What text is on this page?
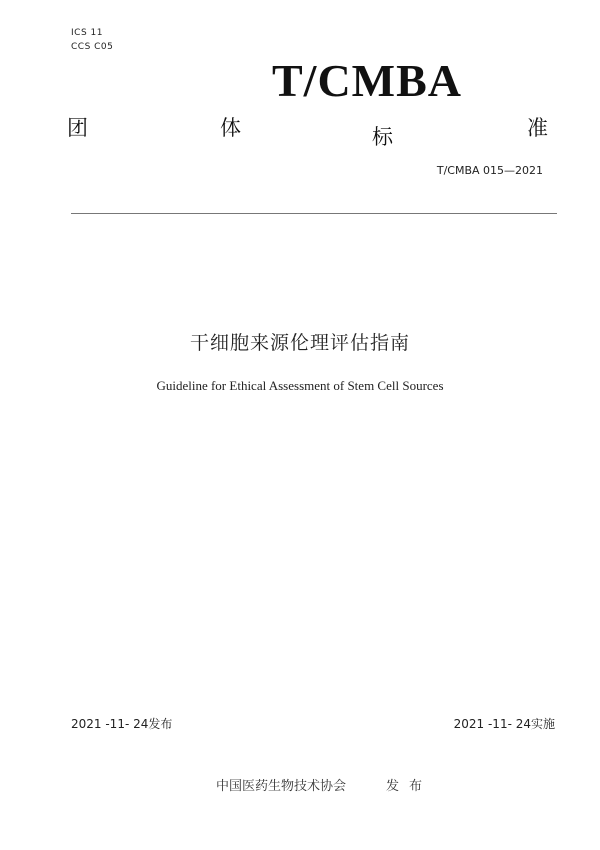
ICS 11
CCS C05
T/CMBA
团	体	标	准
T/CMBA 015—2021
干细胞来源伦理评估指南
Guideline for Ethical Assessment of Stem Cell Sources
2021 -11- 24发布	2021 -11- 24实施
中国医药生物技术协会	发布
